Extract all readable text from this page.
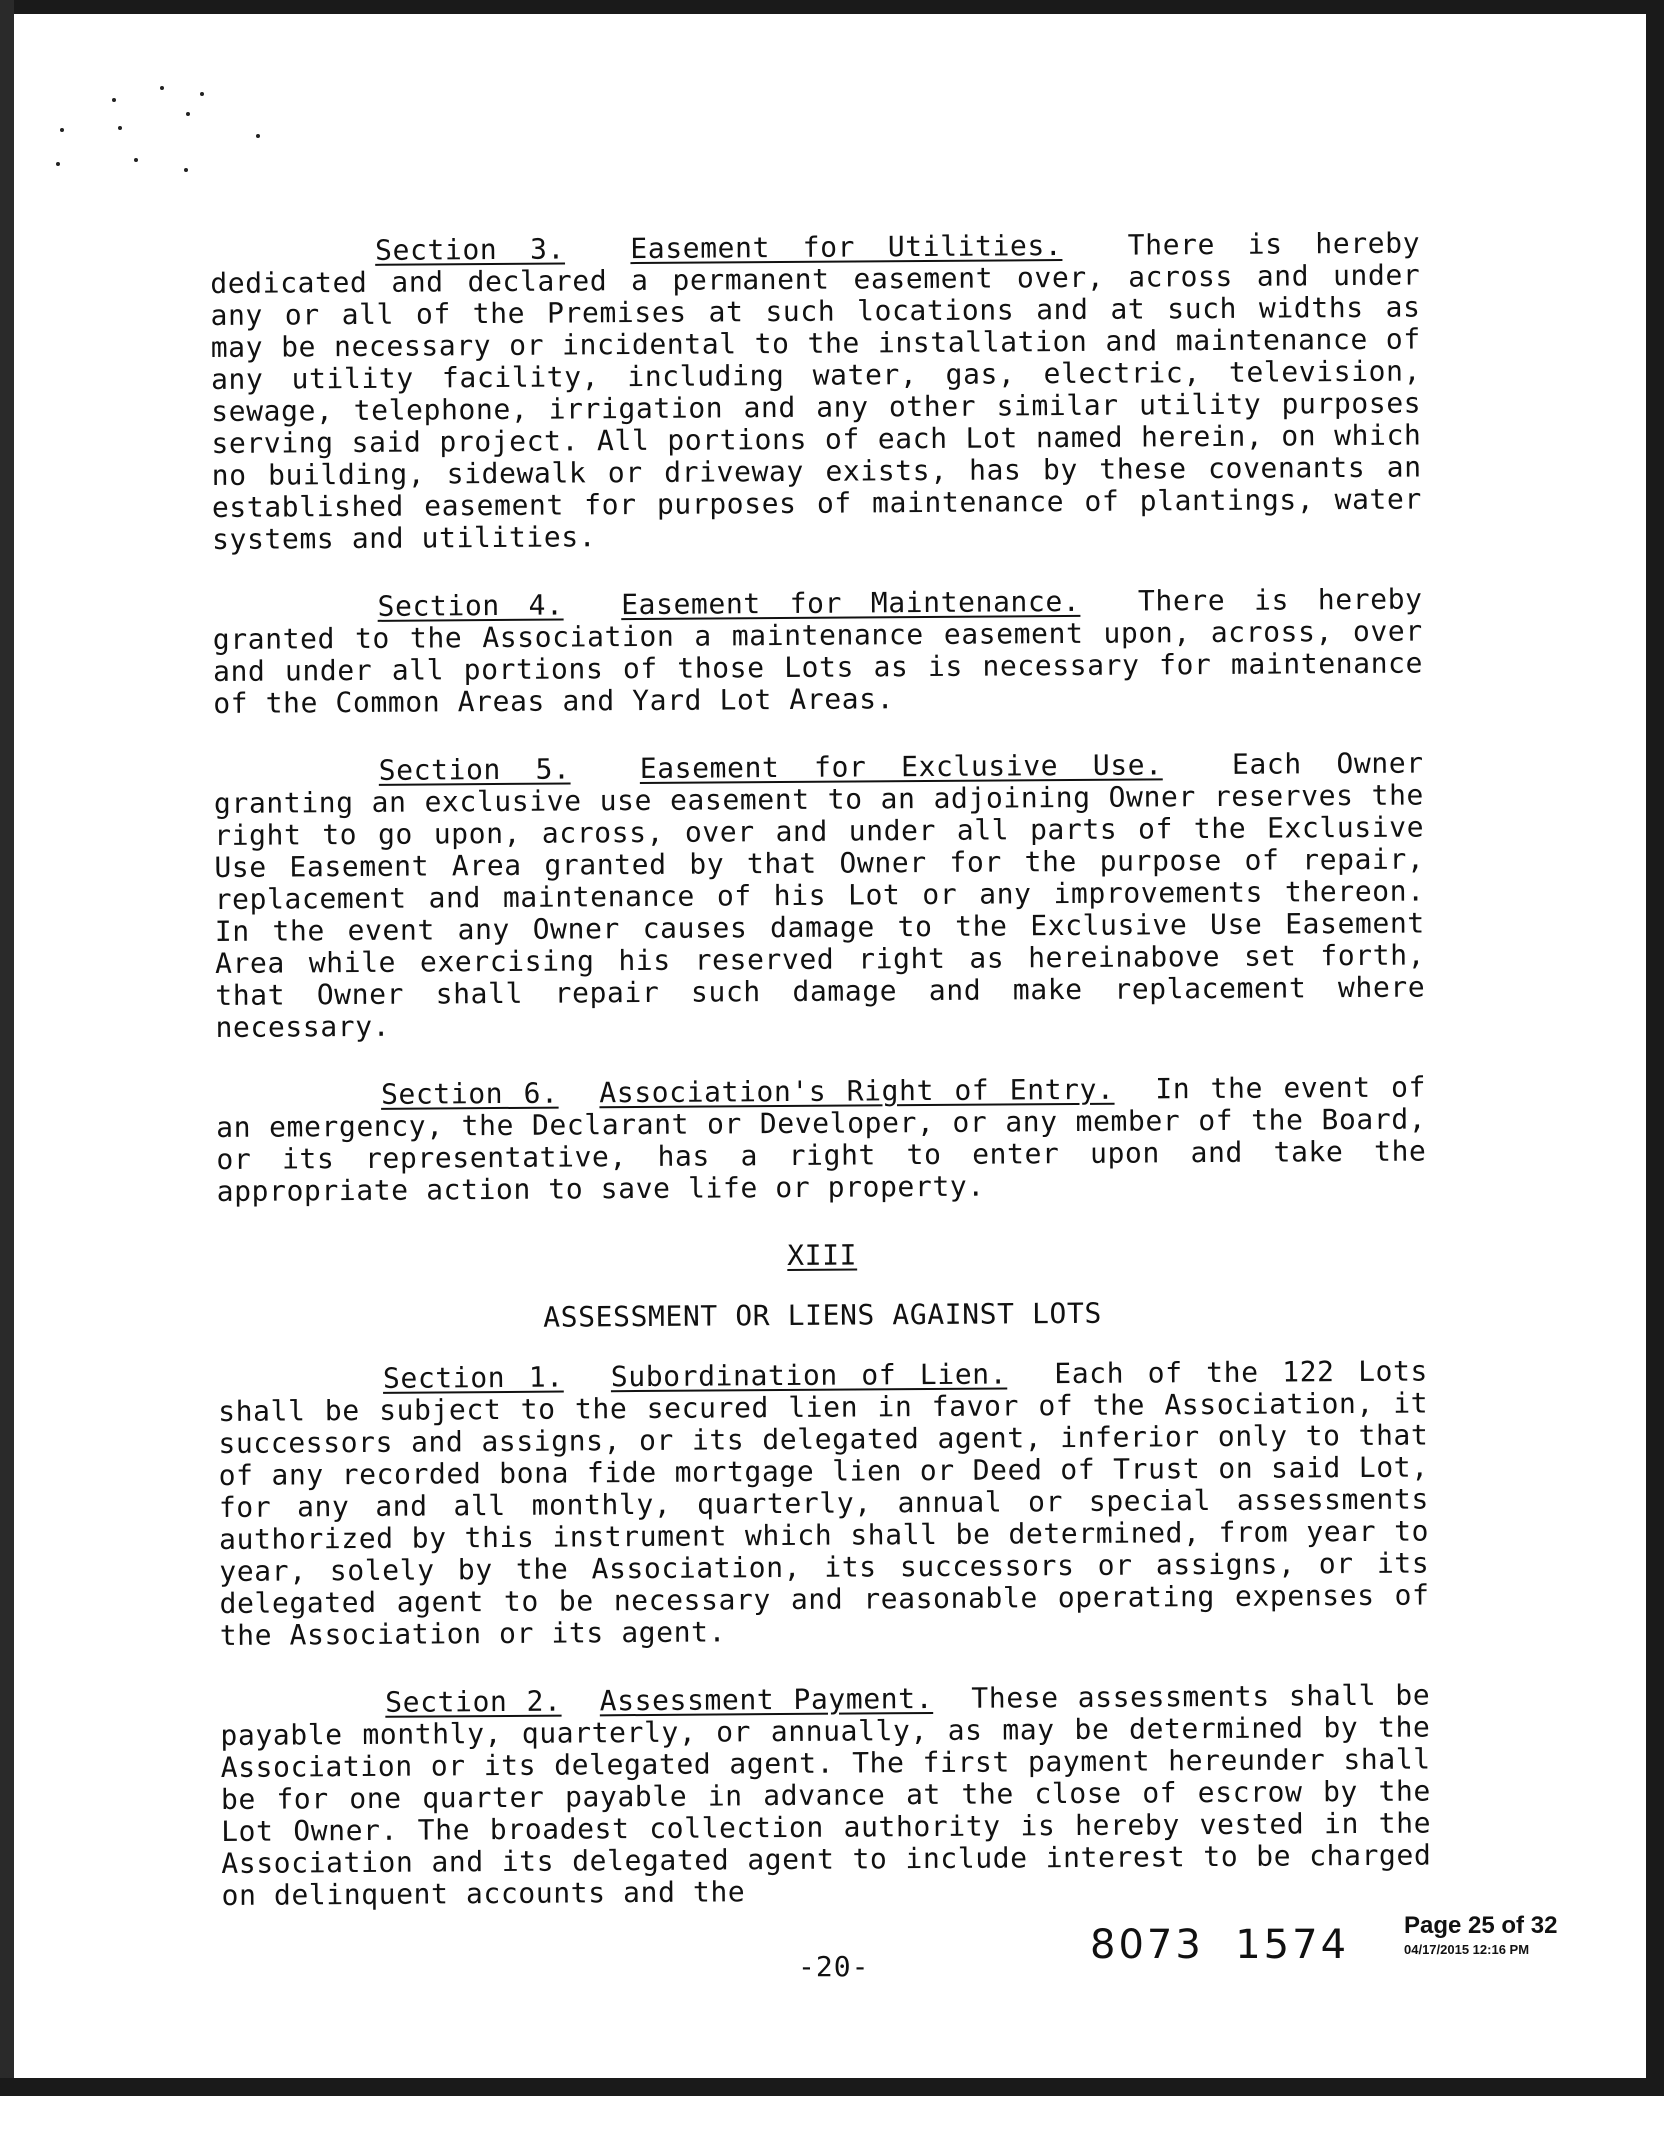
Section 3. Easement for Utilities. There is hereby dedicated and declared a permanent easement over, across and under any or all of the Premises at such locations and at such widths as may be necessary or incidental to the installation and maintenance of any utility facility, including water, gas, electric, television, sewage, telephone, irrigation and any other similar utility purposes serving said project. All portions of each Lot named herein, on which no building, sidewalk or driveway exists, has by these covenants an established easement for purposes of maintenance of plantings, water systems and utilities.

Section 4. Easement for Maintenance. There is hereby granted to the Association a maintenance easement upon, across, over and under all portions of those Lots as is necessary for maintenance of the Common Areas and Yard Lot Areas.

Section 5. Easement for Exclusive Use. Each Owner granting an exclusive use easement to an adjoining Owner reserves the right to go upon, across, over and under all parts of the Exclusive Use Easement Area granted by that Owner for the purpose of repair, replacement and maintenance of his Lot or any improvements thereon. In the event any Owner causes damage to the Exclusive Use Easement Area while exercising his reserved right as hereinabove set forth, that Owner shall repair such damage and make replacement where necessary.

Section 6. Association's Right of Entry. In the event of an emergency, the Declarant or Developer, or any member of the Board, or its representative, has a right to enter upon and take the appropriate action to save life or property.

XIII

ASSESSMENT OR LIENS AGAINST LOTS

Section 1. Subordination of Lien. Each of the 122 Lots shall be subject to the secured lien in favor of the Association, it successors and assigns, or its delegated agent, inferior only to that of any recorded bona fide mortgage lien or Deed of Trust on said Lot, for any and all monthly, quarterly, annual or special assessments authorized by this instrument which shall be determined, from year to year, solely by the Association, its successors or assigns, or its delegated agent to be necessary and reasonable operating expenses of the Association or its agent.

Section 2. Assessment Payment. These assessments shall be payable monthly, quarterly, or annually, as may be determined by the Association or its delegated agent. The first payment hereunder shall be for one quarter payable in advance at the close of escrow by the Lot Owner. The broadest collection authority is hereby vested in the Association and its delegated agent to include interest to be charged on delinquent accounts and the

-20-	8073  1574 Page 25 of 32
04/17/2015 12:16 PM
